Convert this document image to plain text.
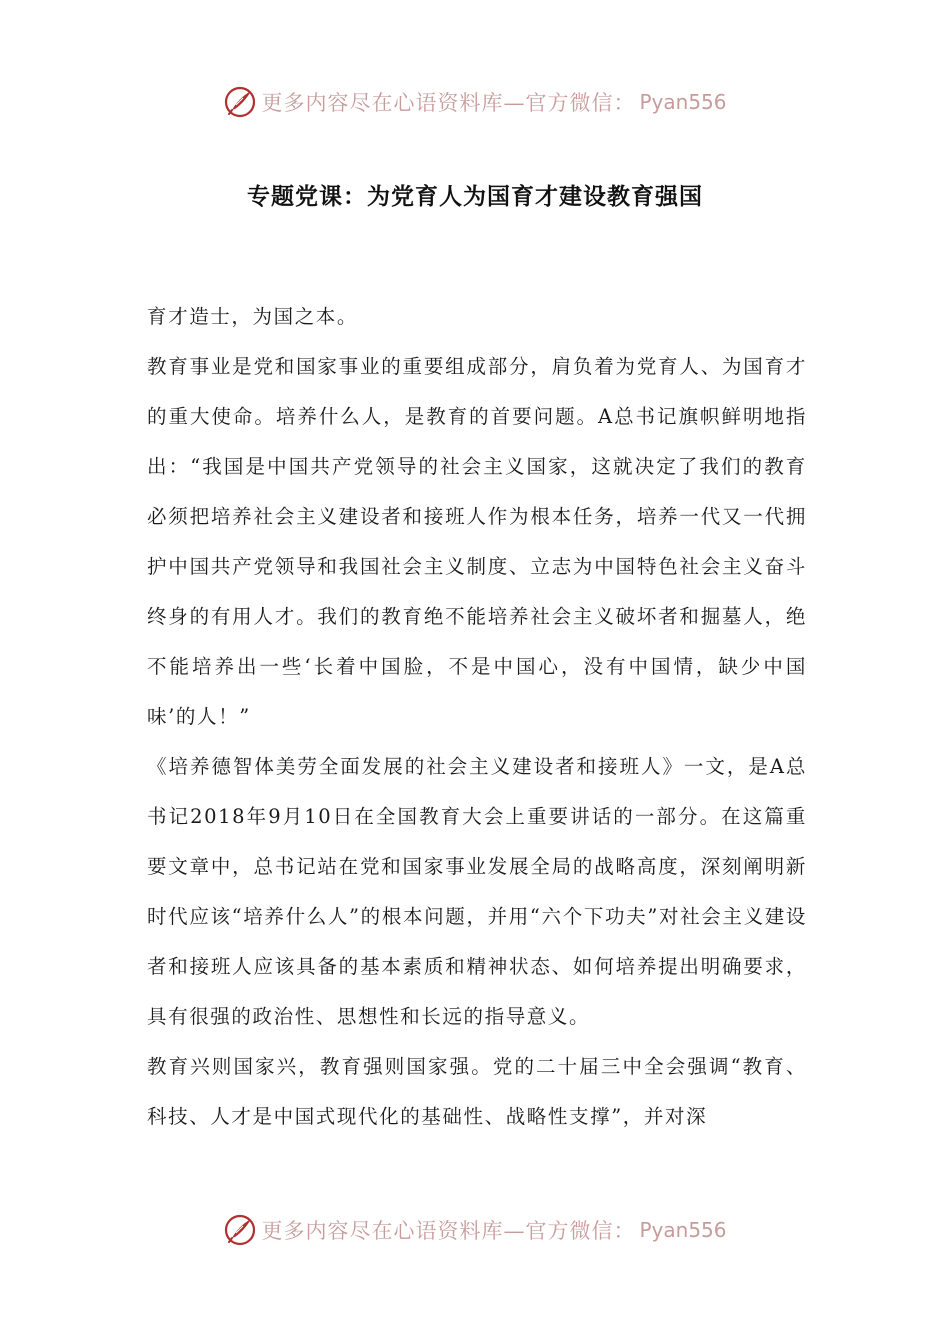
更多内容尽在心语资料库—官方微信： Pyan556
专题党课：为党育人为国育才建设教育强国

育才造士，为国之本。

教育事业是党和国家事业的重要组成部分，肩负着为党育人、为国育才的重大使命。培养什么人，是教育的首要问题。A总书记旗帜鲜明地指出：“我国是中国共产党领导的社会主义国家，这就决定了我们的教育必须把培养社会主义建设者和接班人作为根本任务，培养一代又一代拥护中国共产党领导和我国社会主义制度、立志为中国特色社会主义奋斗终身的有用人才。我们的教育绝不能培养社会主义破坏者和掘墓人，绝不能培养出一些‘长着中国脸，不是中国心，没有中国情，缺少中国味’的人！”

《培养德智体美劳全面发展的社会主义建设者和接班人》一文，是A总书记2018年9月10日在全国教育大会上重要讲话的一部分。在这篇重要文章中，总书记站在党和国家事业发展全局的战略高度，深刻阐明新时代应该“培养什么人”的根本问题，并用“六个下功夫”对社会主义建设者和接班人应该具备的基本素质和精神状态、如何培养提出明确要求，具有很强的政治性、思想性和长远的指导意义。

教育兴则国家兴，教育强则国家强。党的二十届三中全会强调“教育、科技、人才是中国式现代化的基础性、战略性支撑”，并对深

更多内容尽在心语资料库—官方微信： Pyan556
